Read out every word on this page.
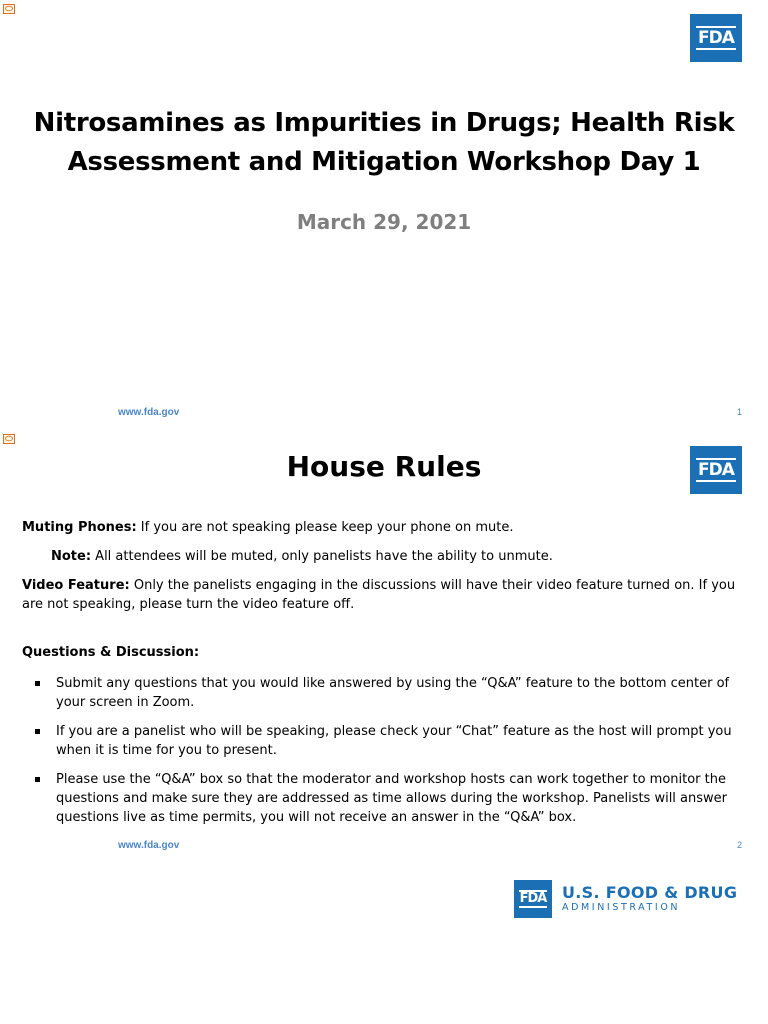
FDA
Nitrosamines as Impurities in Drugs; Health Risk Assessment and Mitigation Workshop Day 1
March 29, 2021
www.fda.gov	1
FDA
House Rules
Muting Phones: If you are not speaking please keep your phone on mute.
Note: All attendees will be muted, only panelists have the ability to unmute.
Video Feature: Only the panelists engaging in the discussions will have their video feature turned on. If you are not speaking, please turn the video feature off.
Questions & Discussion:
Submit any questions that you would like answered by using the “Q&A” feature to the bottom center of your screen in Zoom.
If you are a panelist who will be speaking, please check your “Chat” feature as the host will prompt you when it is time for you to present.
Please use the “Q&A” box so that the moderator and workshop hosts can work together to monitor the questions and make sure they are addressed as time allows during the workshop. Panelists will answer questions live as time permits, you will not receive an answer in the “Q&A” box.
www.fda.gov	2
FDA U.S. FOOD & DRUG
ADMINISTRATION
